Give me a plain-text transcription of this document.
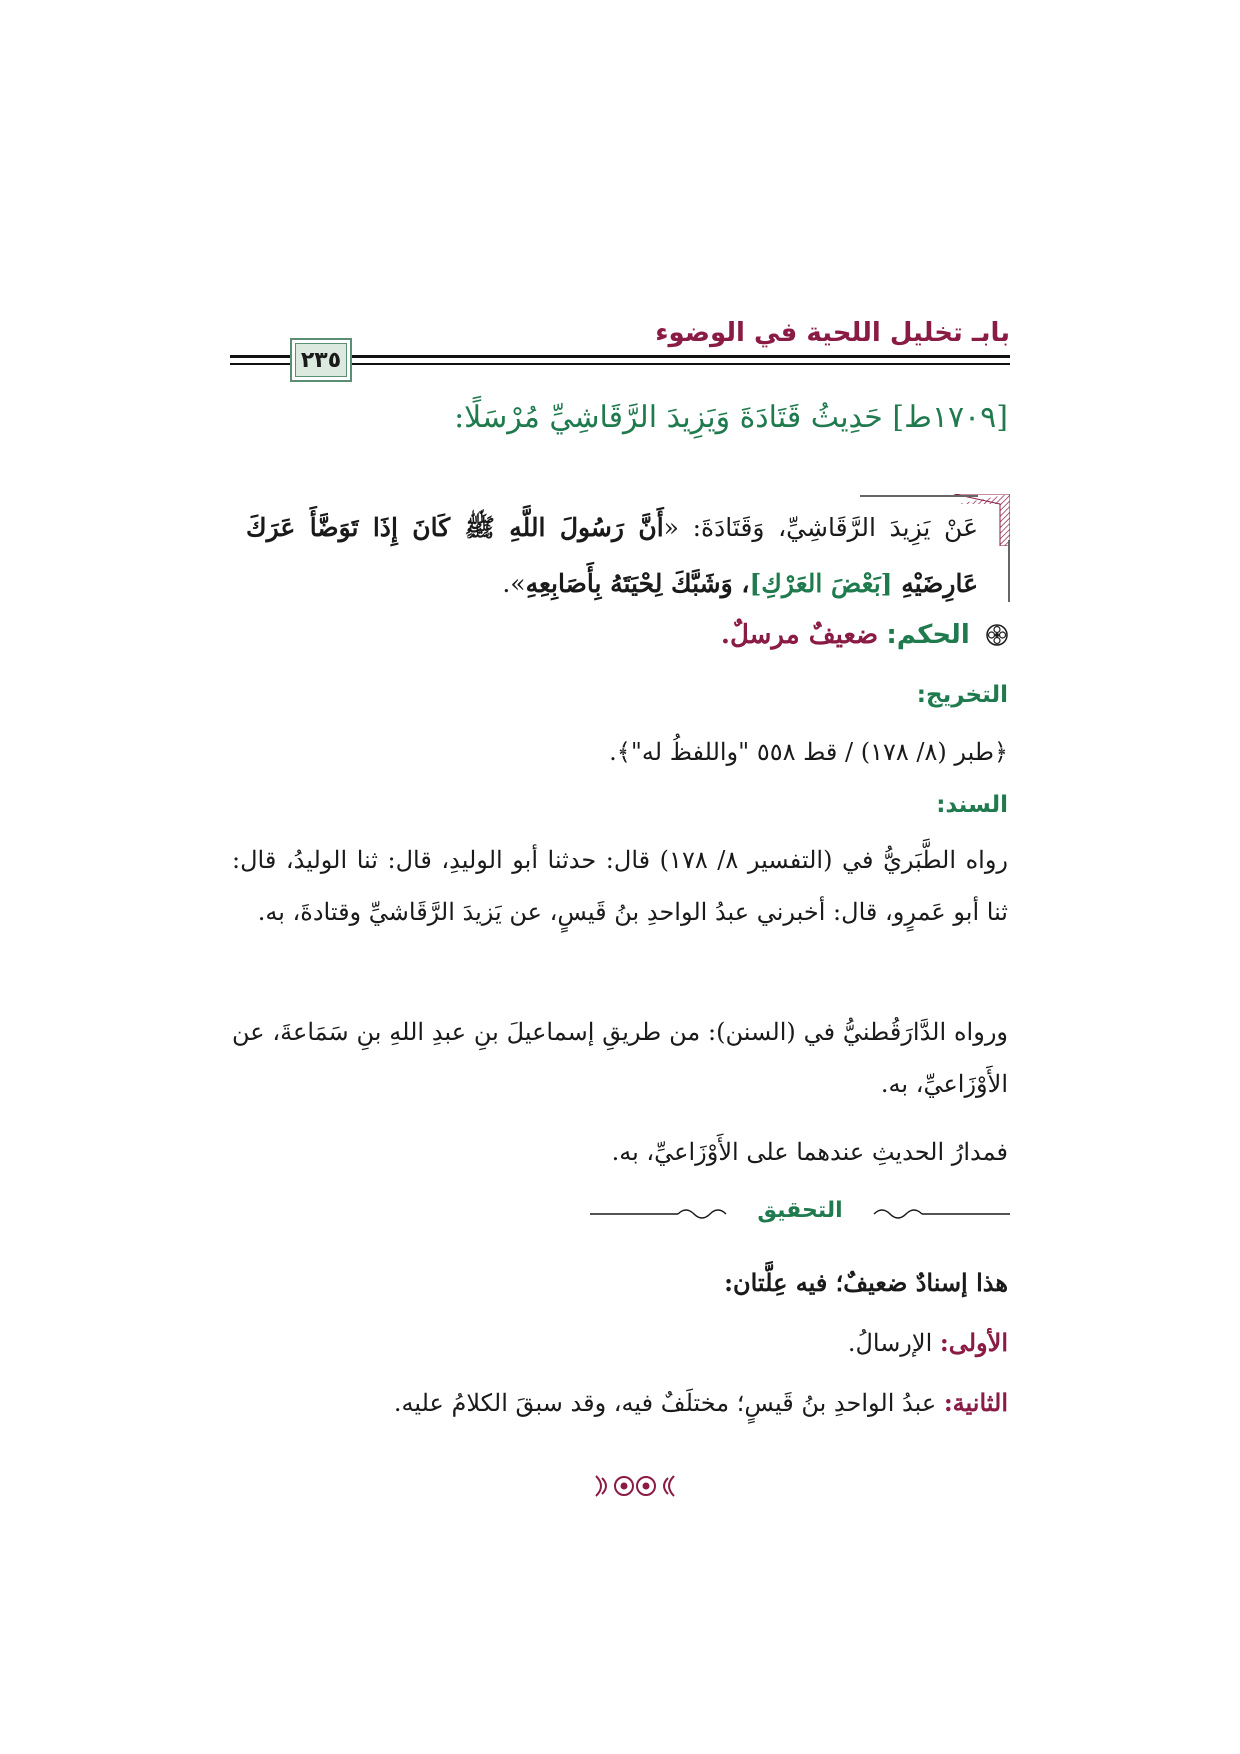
بابـ تخليل اللحية في الوضوء
٢٣٥
[١٧٠٩ط] حَدِيثُ قَتَادَةَ وَيَزِيدَ الرَّقَاشِيِّ مُرْسَلًا:
عَنْ يَزِيدَ الرَّقَاشِيِّ، وَقَتَادَةَ: «أَنَّ رَسُولَ اللَّهِ ﷺ كَانَ إِذَا تَوَضَّأَ عَرَكَ عَارِضَيْهِ [بَعْضَ العَرْكِ]، وَشَبَّكَ لِحْيَتَهُ بِأَصَابِعِهِ».
الحكم: ضعيفٌ مرسلٌ.
التخريج:
﴿طبر (٨/ ١٧٨) / قط ٥٥٨ "واللفظُ له"﴾.
السند:
رواه الطَّبَريُّ في (التفسير ٨/ ١٧٨) قال: حدثنا أبو الوليدِ، قال: ثنا الوليدُ، قال: ثنا أبو عَمرٍو، قال: أخبرني عبدُ الواحدِ بنُ قَيسٍ، عن يَزيدَ الرَّقَاشيِّ وقتادةَ، به.
ورواه الدَّارَقُطنيُّ في (السنن): من طريقِ إسماعيلَ بنِ عبدِ اللهِ بنِ سَمَاعةَ، عن الأَوْزَاعيِّ، به.
فمدارُ الحديثِ عندهما على الأَوْزَاعيِّ، به.
التحقيق
هذا إسنادٌ ضعيفٌ؛ فيه عِلَّتان:
الأولى: الإرسالُ.
الثانية: عبدُ الواحدِ بنُ قَيسٍ؛ مختلَفٌ فيه، وقد سبقَ الكلامُ عليه.
